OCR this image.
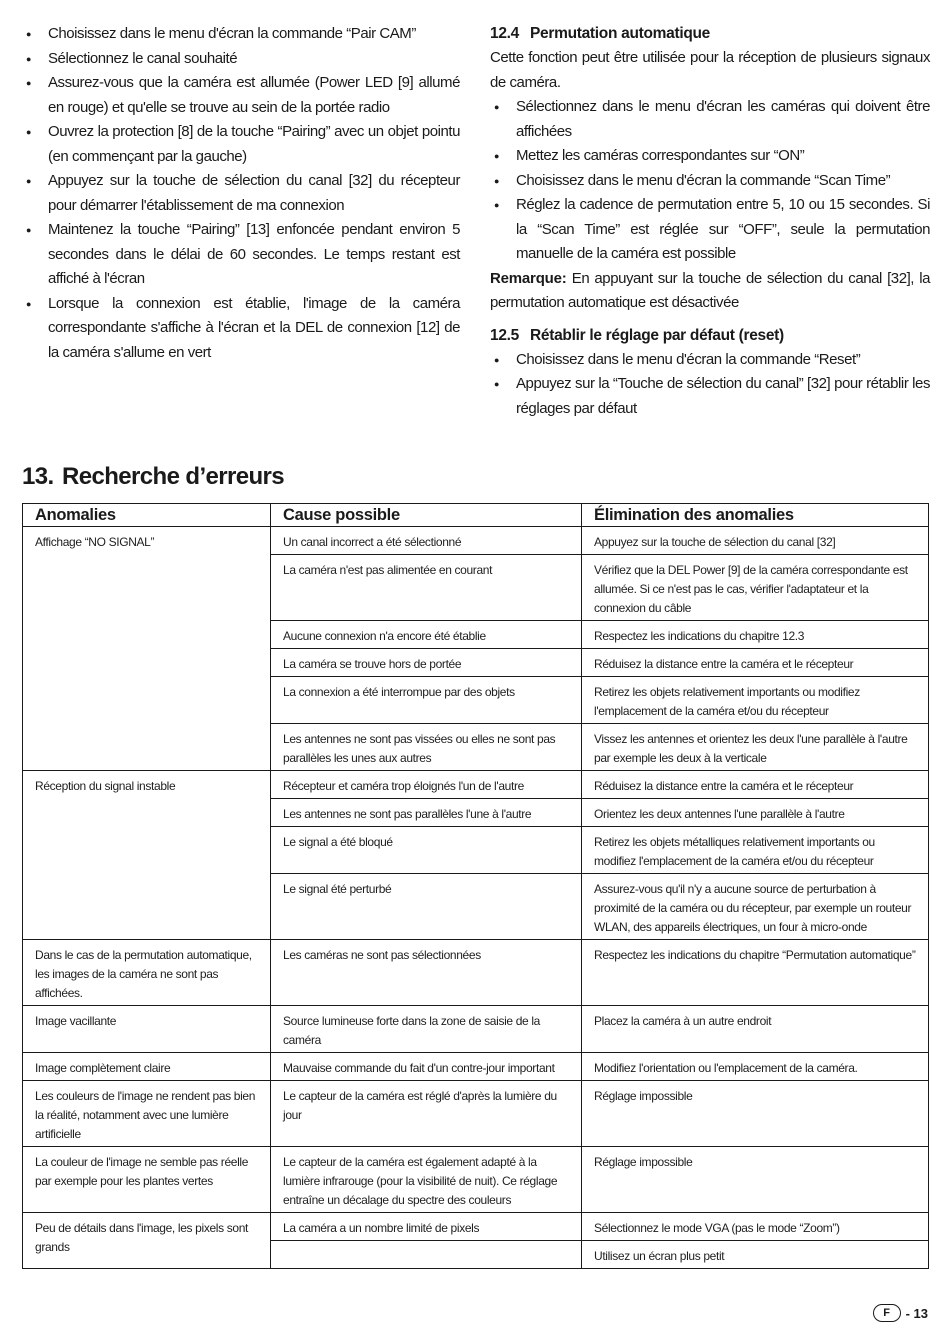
● Choisissez dans le menu d'écran la commande “Pair CAM”
● Sélectionnez le canal souhaité
● Assurez-vous que la caméra est allumée (Power LED [9] allumé en rouge) et qu'elle se trouve au sein de la portée radio
● Ouvrez la protection [8] de la touche “Pairing” avec un objet pointu (en commençant par la gauche)
● Appuyez sur la touche de sélection du canal [32] du récepteur pour démarrer l'établissement de ma connexion
● Maintenez la touche “Pairing” [13] enfoncée pendant environ 5 secondes dans le délai de 60 secondes. Le temps restant est affiché à l'écran
● Lorsque la connexion est établie, l'image de la caméra correspondante s'affiche à l'écran et la DEL de connexion [12] de la caméra s'allume en vert
12.4 Permutation automatique

Cette fonction peut être utilisée pour la réception de plusieurs signaux de caméra.

● Sélectionnez dans le menu d'écran les caméras qui doivent être affichées
● Mettez les caméras correspondantes sur “ON”
● Choisissez dans le menu d'écran la commande “Scan Time”
● Réglez la cadence de permutation entre 5, 10 ou 15 secondes. Si la “Scan Time” est réglée sur “OFF”, seule la permutation manuelle de la caméra est possible

Remarque: En appuyant sur la touche de sélection du canal [32], la permutation automatique est désactivée

12.5 Rétablir le réglage par défaut (reset)
● Choisissez dans le menu d'écran la commande “Reset”
● Appuyez sur la “Touche de sélection du canal” [32] pour rétablir les réglages par défaut
13. Recherche d’erreurs
Anomalies	Cause possible	Élimination des anomalies
Affichage “NO SIGNAL”	Un canal incorrect a été sélectionné	Appuyez sur la touche de sélection du canal [32]
	La caméra n'est pas alimentée en courant	Vérifiez que la DEL Power [9] de la caméra correspondante est allumée. Si ce n'est pas le cas, vérifier l'adaptateur et la connexion du câble
	Aucune connexion n'a encore été établie	Respectez les indications du chapitre 12.3
	La caméra se trouve hors de portée	Réduisez la distance entre la caméra et le récepteur
	La connexion a été interrompue par des objets	Retirez les objets relativement importants ou modifiez l'emplacement de la caméra et/ou du récepteur
	Les antennes ne sont pas vissées ou elles ne sont pas parallèles les unes aux autres	Vissez les antennes et orientez les deux l'une parallèle à l'autre par exemple les deux à la verticale
Réception du signal instable	Récepteur et caméra trop éloignés l'un de l'autre	Réduisez la distance entre la caméra et le récepteur
	Les antennes ne sont pas parallèles l'une à l'autre	Orientez les deux antennes l'une parallèle à l'autre
	Le signal a été bloqué	Retirez les objets métalliques relativement importants ou modifiez l'emplacement de la caméra et/ou du récepteur
	Le signal été perturbé	Assurez-vous qu'il n'y a aucune source de perturbation à proximité de la caméra ou du récepteur, par exemple un routeur WLAN, des appareils électriques, un four à micro-onde
Dans le cas de la permutation automatique, les images de la caméra ne sont pas affichées.	Les caméras ne sont pas sélectionnées	Respectez les indications du chapitre “Permutation automatique”
Image vacillante	Source lumineuse forte dans la zone de saisie de la caméra	Placez la caméra à un autre endroit
Image complètement claire	Mauvaise commande du fait d'un contre-jour important	Modifiez l'orientation ou l'emplacement de la caméra.
Les couleurs de l'image ne rendent pas bien la réalité, notamment avec une lumière artificielle	Le capteur de la caméra est réglé d'après la lumière du jour	Réglage impossible
La couleur de l'image ne semble pas réelle par exemple pour les plantes vertes	Le capteur de la caméra est également adapté à la lumière infrarouge (pour la visibilité de nuit). Ce réglage entraîne un décalage du spectre des couleurs	Réglage impossible
Peu de détails dans l'image, les pixels sont grands	La caméra a un nombre limité de pixels	Sélectionnez le mode VGA (pas le mode “Zoom”)
		Utilisez un écran plus petit
F	- 13
